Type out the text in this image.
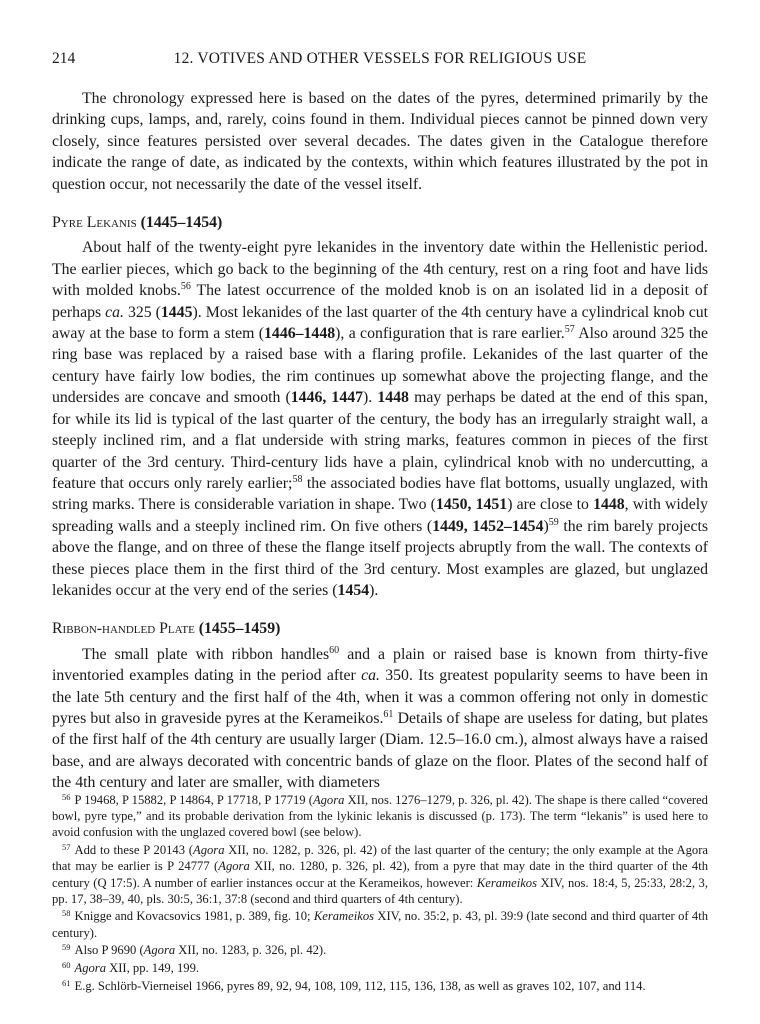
214	12. VOTIVES AND OTHER VESSELS FOR RELIGIOUS USE

The chronology expressed here is based on the dates of the pyres, determined primarily by the drinking cups, lamps, and, rarely, coins found in them. Individual pieces cannot be pinned down very closely, since features persisted over several decades. The dates given in the Catalogue therefore indicate the range of date, as indicated by the contexts, within which features illustrated by the pot in question occur, not necessarily the date of the vessel itself.

Pyre Lekanis (1445–1454)

About half of the twenty-eight pyre lekanides in the inventory date within the Hellenistic period. The earlier pieces, which go back to the beginning of the 4th century, rest on a ring foot and have lids with molded knobs.$^{56}$ The latest occurrence of the molded knob is on an isolated lid in a deposit of perhaps ca. 325 (1445). Most lekanides of the last quarter of the 4th century have a cylindrical knob cut away at the base to form a stem (1446–1448), a configuration that is rare earlier.$^{57}$ Also around 325 the ring base was replaced by a raised base with a flaring profile. Lekanides of the last quarter of the century have fairly low bodies, the rim continues up somewhat above the projecting flange, and the undersides are concave and smooth (1446, 1447). 1448 may perhaps be dated at the end of this span, for while its lid is typical of the last quarter of the century, the body has an irregularly straight wall, a steeply inclined rim, and a flat underside with string marks, features common in pieces of the first quarter of the 3rd century. Third-century lids have a plain, cylindrical knob with no undercutting, a feature that occurs only rarely earlier;$^{58}$ the associated bodies have flat bottoms, usually unglazed, with string marks. There is considerable variation in shape. Two (1450, 1451) are close to 1448, with widely spreading walls and a steeply inclined rim. On five others (1449, 1452–1454)$^{59}$ the rim barely projects above the flange, and on three of these the flange itself projects abruptly from the wall. The contexts of these pieces place them in the first third of the 3rd century. Most examples are glazed, but unglazed lekanides occur at the very end of the series (1454).

Ribbon-handled Plate (1455–1459)

The small plate with ribbon handles$^{60}$ and a plain or raised base is known from thirty-five inventoried examples dating in the period after ca. 350. Its greatest popularity seems to have been in the late 5th century and the first half of the 4th, when it was a common offering not only in domestic pyres but also in graveside pyres at the Kerameikos.$^{61}$ Details of shape are useless for dating, but plates of the first half of the 4th century are usually larger (Diam. 12.5–16.0 cm.), almost always have a raised base, and are always decorated with concentric bands of glaze on the floor. Plates of the second half of the 4th century and later are smaller, with diameters

$^{56}$ P 19468, P 15882, P 14864, P 17718, P 17719 (Agora XII, nos. 1276–1279, p. 326, pl. 42). The shape is there called “covered bowl, pyre type,” and its probable derivation from the lykinic lekanis is discussed (p. 173). The term “lekanis” is used here to avoid confusion with the unglazed covered bowl (see below).

$^{57}$ Add to these P 20143 (Agora XII, no. 1282, p. 326, pl. 42) of the last quarter of the century; the only example at the Agora that may be earlier is P 24777 (Agora XII, no. 1280, p. 326, pl. 42), from a pyre that may date in the third quarter of the 4th century (Q 17:5). A number of earlier instances occur at the Kerameikos, however: Kerameikos XIV, nos. 18:4, 5, 25:33, 28:2, 3, pp. 17, 38–39, 40, pls. 30:5, 36:1, 37:8 (second and third quarters of 4th century).

$^{58}$ Knigge and Kovacsovics 1981, p. 389, fig. 10; Kerameikos XIV, no. 35:2, p. 43, pl. 39:9 (late second and third quarter of 4th century).

$^{59}$ Also P 9690 (Agora XII, no. 1283, p. 326, pl. 42).

$^{60}$ Agora XII, pp. 149, 199.

$^{61}$ E.g. Schlörb-Vierneisel 1966, pyres 89, 92, 94, 108, 109, 112, 115, 136, 138, as well as graves 102, 107, and 114.
